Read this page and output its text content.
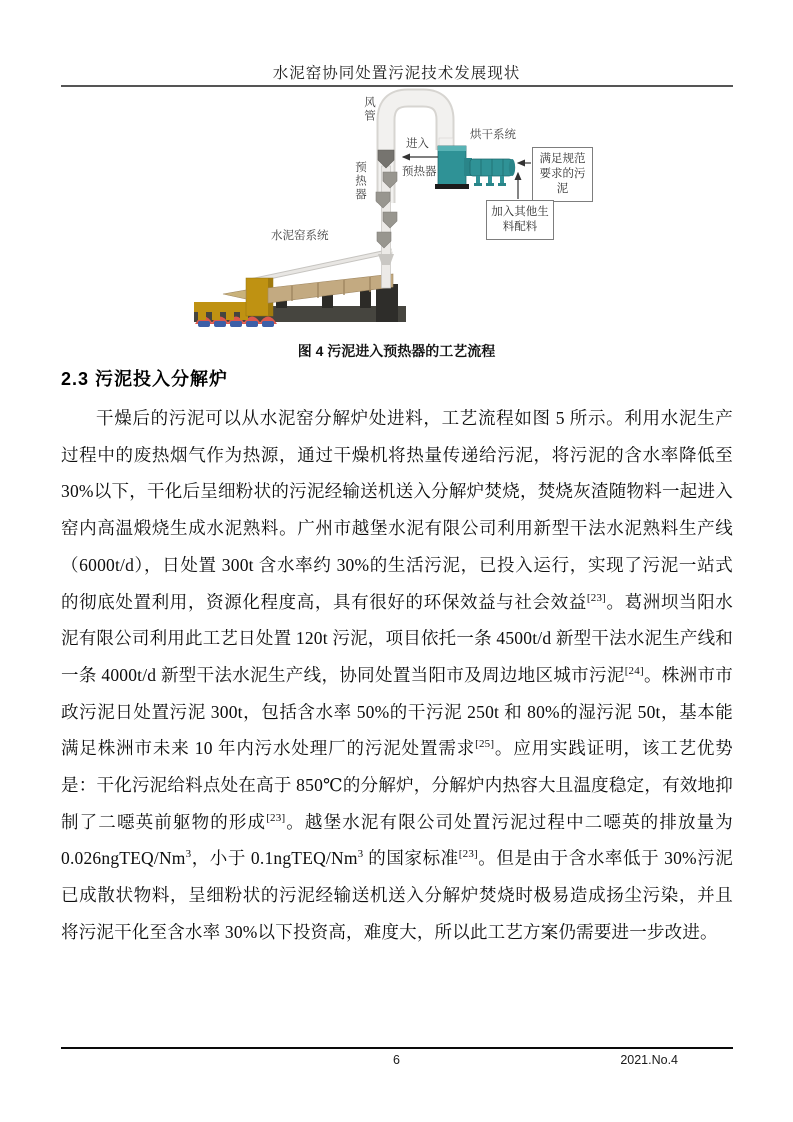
水泥窑协同处置污泥技术发展现状
风管
进入
预热器
烘干系统
预热器
水泥窑系统
满足规范要求的污泥
加入其他生料配料
图 4 污泥进入预热器的工艺流程
2.3 污泥投入分解炉
干燥后的污泥可以从水泥窑分解炉处进料，工艺流程如图 5 所示。利用水泥生产过程中的废热烟气作为热源，通过干燥机将热量传递给污泥，将污泥的含水率降低至 30%以下，干化后呈细粉状的污泥经输送机送入分解炉焚烧，焚烧灰渣随物料一起进入窑内高温煅烧生成水泥熟料。广州市越堡水泥有限公司利用新型干法水泥熟料生产线（6000t/d），日处置 300t 含水率约 30%的生活污泥，已投入运行，实现了污泥一站式的彻底处置利用，资源化程度高，具有很好的环保效益与社会效益[23]。葛洲坝当阳水泥有限公司利用此工艺日处置 120t 污泥，项目依托一条 4500t/d 新型干法水泥生产线和一条 4000t/d 新型干法水泥生产线，协同处置当阳市及周边地区城市污泥[24]。株洲市市政污泥日处置污泥 300t，包括含水率 50%的干污泥 250t 和 80%的湿污泥 50t，基本能满足株洲市未来 10 年内污水处理厂的污泥处置需求[25]。应用实践证明，该工艺优势是：干化污泥给料点处在高于 850℃的分解炉，分解炉内热容大且温度稳定，有效地抑制了二噁英前躯物的形成[23]。越堡水泥有限公司处置污泥过程中二噁英的排放量为 0.026ngTEQ/Nm$^3$，小于 0.1ngTEQ/Nm$^3$ 的国家标准[23]。但是由于含水率低于 30%污泥已成散状物料，呈细粉状的污泥经输送机送入分解炉焚烧时极易造成扬尘污染，并且将污泥干化至含水率 30%以下投资高，难度大，所以此工艺方案仍需要进一步改进。
6	2021.No.4
